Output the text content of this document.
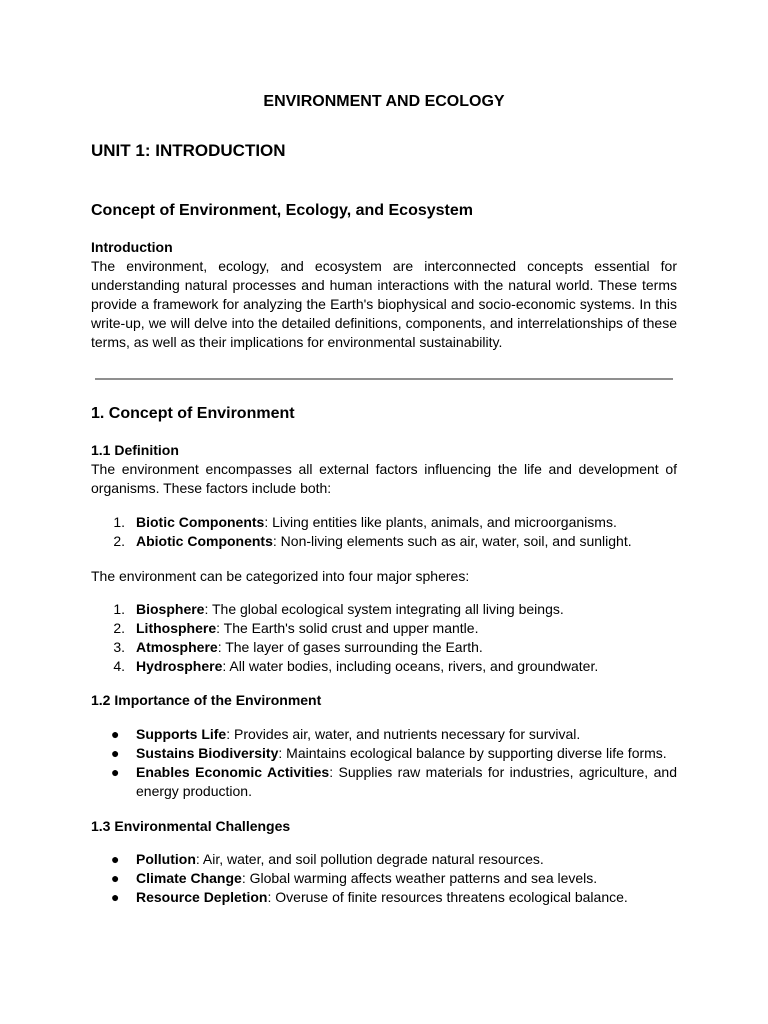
ENVIRONMENT AND ECOLOGY
UNIT 1: INTRODUCTION
Concept of Environment, Ecology, and Ecosystem
Introduction

The environment, ecology, and ecosystem are interconnected concepts essential for understanding natural processes and human interactions with the natural world. These terms provide a framework for analyzing the Earth's biophysical and socio-economic systems. In this write-up, we will delve into the detailed definitions, components, and interrelationships of these terms, as well as their implications for environmental sustainability.

1. Concept of Environment
1.1 Definition

The environment encompasses all external factors influencing the life and development of organisms. These factors include both:

1. Biotic Components: Living entities like plants, animals, and microorganisms.
2. Abiotic Components: Non-living elements such as air, water, soil, and sunlight.

The environment can be categorized into four major spheres:

1. Biosphere: The global ecological system integrating all living beings.
2. Lithosphere: The Earth's solid crust and upper mantle.
3. Atmosphere: The layer of gases surrounding the Earth.
4. Hydrosphere: All water bodies, including oceans, rivers, and groundwater.
1.2 Importance of the Environment
● Supports Life: Provides air, water, and nutrients necessary for survival.
● Sustains Biodiversity: Maintains ecological balance by supporting diverse life forms.
● Enables Economic Activities: Supplies raw materials for industries, agriculture, and energy production.
1.3 Environmental Challenges
● Pollution: Air, water, and soil pollution degrade natural resources.
● Climate Change: Global warming affects weather patterns and sea levels.
● Resource Depletion: Overuse of finite resources threatens ecological balance.
